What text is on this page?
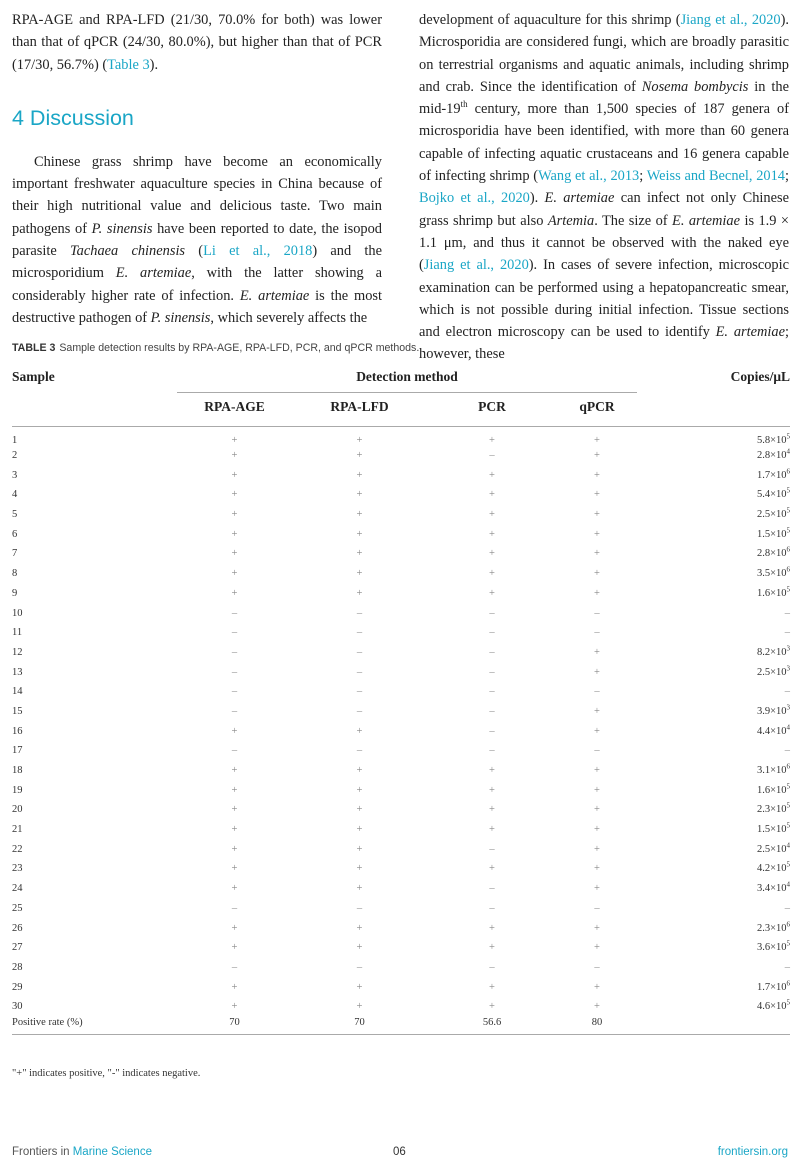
RPA-AGE and RPA-LFD (21/30, 70.0% for both) was lower than that of qPCR (24/30, 80.0%), but higher than that of PCR (17/30, 56.7%) (Table 3).

4 Discussion

Chinese grass shrimp have become an economically important freshwater aquaculture species in China because of their high nutritional value and delicious taste. Two main pathogens of P. sinensis have been reported to date, the isopod parasite Tachaea chinensis (Li et al., 2018) and the microsporidium E. artemiae, with the latter showing a considerably higher rate of infection. E. artemiae is the most destructive pathogen of P. sinensis, which severely affects the

development of aquaculture for this shrimp (Jiang et al., 2020). Microsporidia are considered fungi, which are broadly parasitic on terrestrial organisms and aquatic animals, including shrimp and crab. Since the identification of Nosema bombycis in the mid-19th century, more than 1,500 species of 187 genera of microsporidia have been identified, with more than 60 genera capable of infecting aquatic crustaceans and 16 genera capable of infecting shrimp (Wang et al., 2013; Weiss and Becnel, 2014; Bojko et al., 2020). E. artemiae can infect not only Chinese grass shrimp but also Artemia. The size of E. artemiae is 1.9 × 1.1 μm, and thus it cannot be observed with the naked eye (Jiang et al., 2020). In cases of severe infection, microscopic examination can be performed using a hepatopancreatic smear, which is not possible during initial infection. Tissue sections and electron microscopy can be used to identify E. artemiae; however, these

TABLE 3 Sample detection results by RPA-AGE, RPA-LFD, PCR, and qPCR methods.
Sample	Detection method				Copies/μL
	RPA-AGE	RPA-LFD	PCR	qPCR	
1	+	+	+	+	$5.8\times 10^5$
2	+	+	–	+	$2.8\times 10^4$
3	+	+	+	+	$1.7\times 10^6$
4	+	+	+	+	$5.4\times 10^5$
5	+	+	+	+	$2.5\times 10^5$
6	+	+	+	+	$1.5\times 10^5$
7	+	+	+	+	$2.8\times 10^6$
8	+	+	+	+	$3.5\times 10^6$
9	+	+	+	+	$1.6\times 10^5$
10	–	–	–	–	–
11	–	–	–	–	–
12	–	–	–	+	$8.2\times 10^3$
13	–	–	–	+	$2.5\times 10^3$
14	–	–	–	–	–
15	–	–	–	+	$3.9\times 10^3$
16	+	+	–	+	$4.4\times 10^4$
17	–	–	–	–	–
18	+	+	+	+	$3.1\times 10^6$
19	+	+	+	+	$1.6\times 10^5$
20	+	+	+	+	$2.3\times 10^5$
21	+	+	+	+	$1.5\times 10^5$
22	+	+	–	+	$2.5\times 10^4$
23	+	+	+	+	$4.2\times 10^5$
24	+	+	–	+	$3.4\times 10^4$
25	–	–	–	–	–
26	+	+	+	+	$2.3\times 10^6$
27	+	+	+	+	$3.6\times 10^5$
28	–	–	–	–	–
29	+	+	+	+	$1.7\times 10^6$
30	+	+	+	+	$4.6\times 10^5$
Positive rate (%)	70	70	56.6	80	
"+" indicates positive, "-" indicates negative.
Frontiers in Marine Science	06	frontiersin.org
